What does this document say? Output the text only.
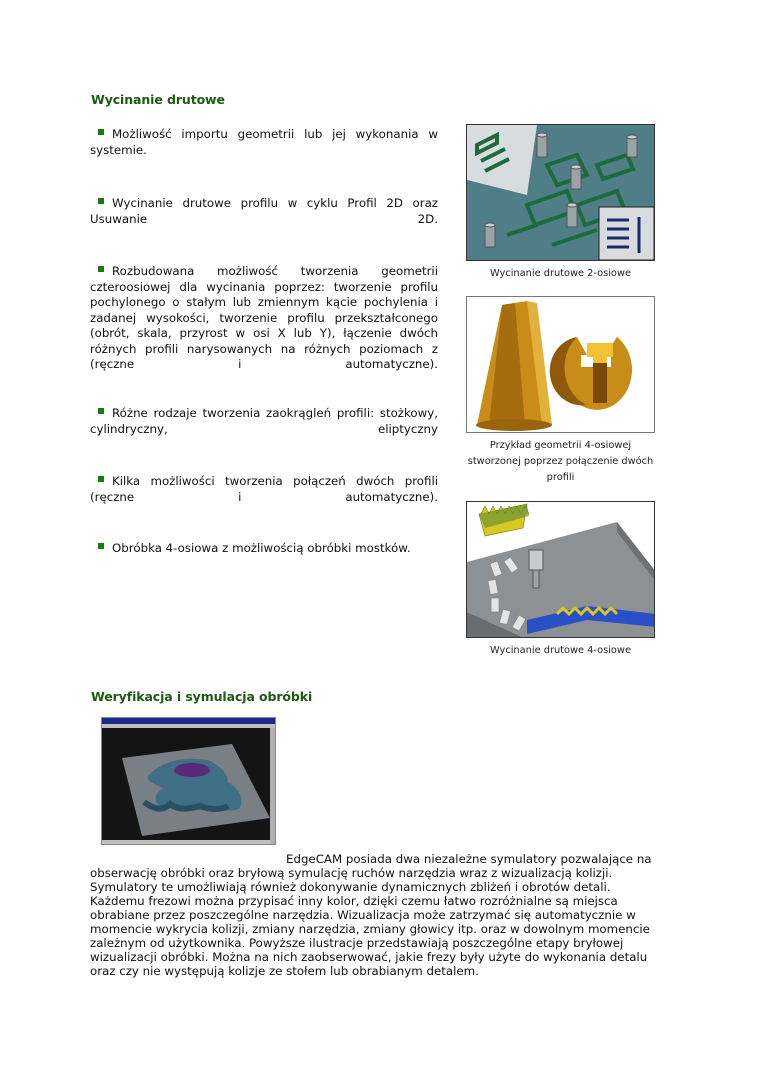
Wycinanie drutowe
Możliwość importu geometrii lub jej wykonania w systemie.
Wycinanie drutowe profilu w cyklu Profil 2D oraz Usuwanie 2D.
Rozbudowana możliwość tworzenia geometrii czteroosiowej dla wycinania poprzez: tworzenie profilu pochylonego o stałym lub zmiennym kącie pochylenia i zadanej wysokości, tworzenie profilu przekształconego (obrót, skala, przyrost w osi X lub Y), łączenie dwóch różnych profili narysowanych na różnych poziomach z (ręczne i automatyczne).
Różne rodzaje tworzenia zaokrągleń profili: stożkowy, cylindryczny, eliptyczny
Kilka możliwości tworzenia połączeń dwóch profili (ręczne i automatyczne).
Obróbka 4-osiowa z możliwością obróbki mostków.
Wycinanie drutowe 2-osiowe
Przykład geometrii 4-osiowej stworzonej poprzez połączenie dwóch profili
Wycinanie drutowe 4-osiowe
Weryfikacja i symulacja obróbki
EdgeCAM posiada dwa niezależne symulatory pozwalające na
obserwację obróbki oraz bryłową symulację ruchów narzędzia wraz z wizualizacją kolizji. Symulatory te umożliwiają również dokonywanie dynamicznych zbliżeń i obrotów detali. Każdemu frezowi można przypisać inny kolor, dzięki czemu łatwo rozróżnialne są miejsca obrabiane przez poszczególne narzędzia. Wizualizacja może zatrzymać się automatycznie w momencie wykrycia kolizji, zmiany narzędzia, zmiany głowicy itp. oraz w dowolnym momencie zależnym od użytkownika. Powyższe ilustracje przedstawiają poszczególne etapy bryłowej wizualizacji obróbki. Można na nich zaobserwować, jakie frezy były użyte do wykonania detalu oraz czy nie występują kolizje ze stołem lub obrabianym detalem.
